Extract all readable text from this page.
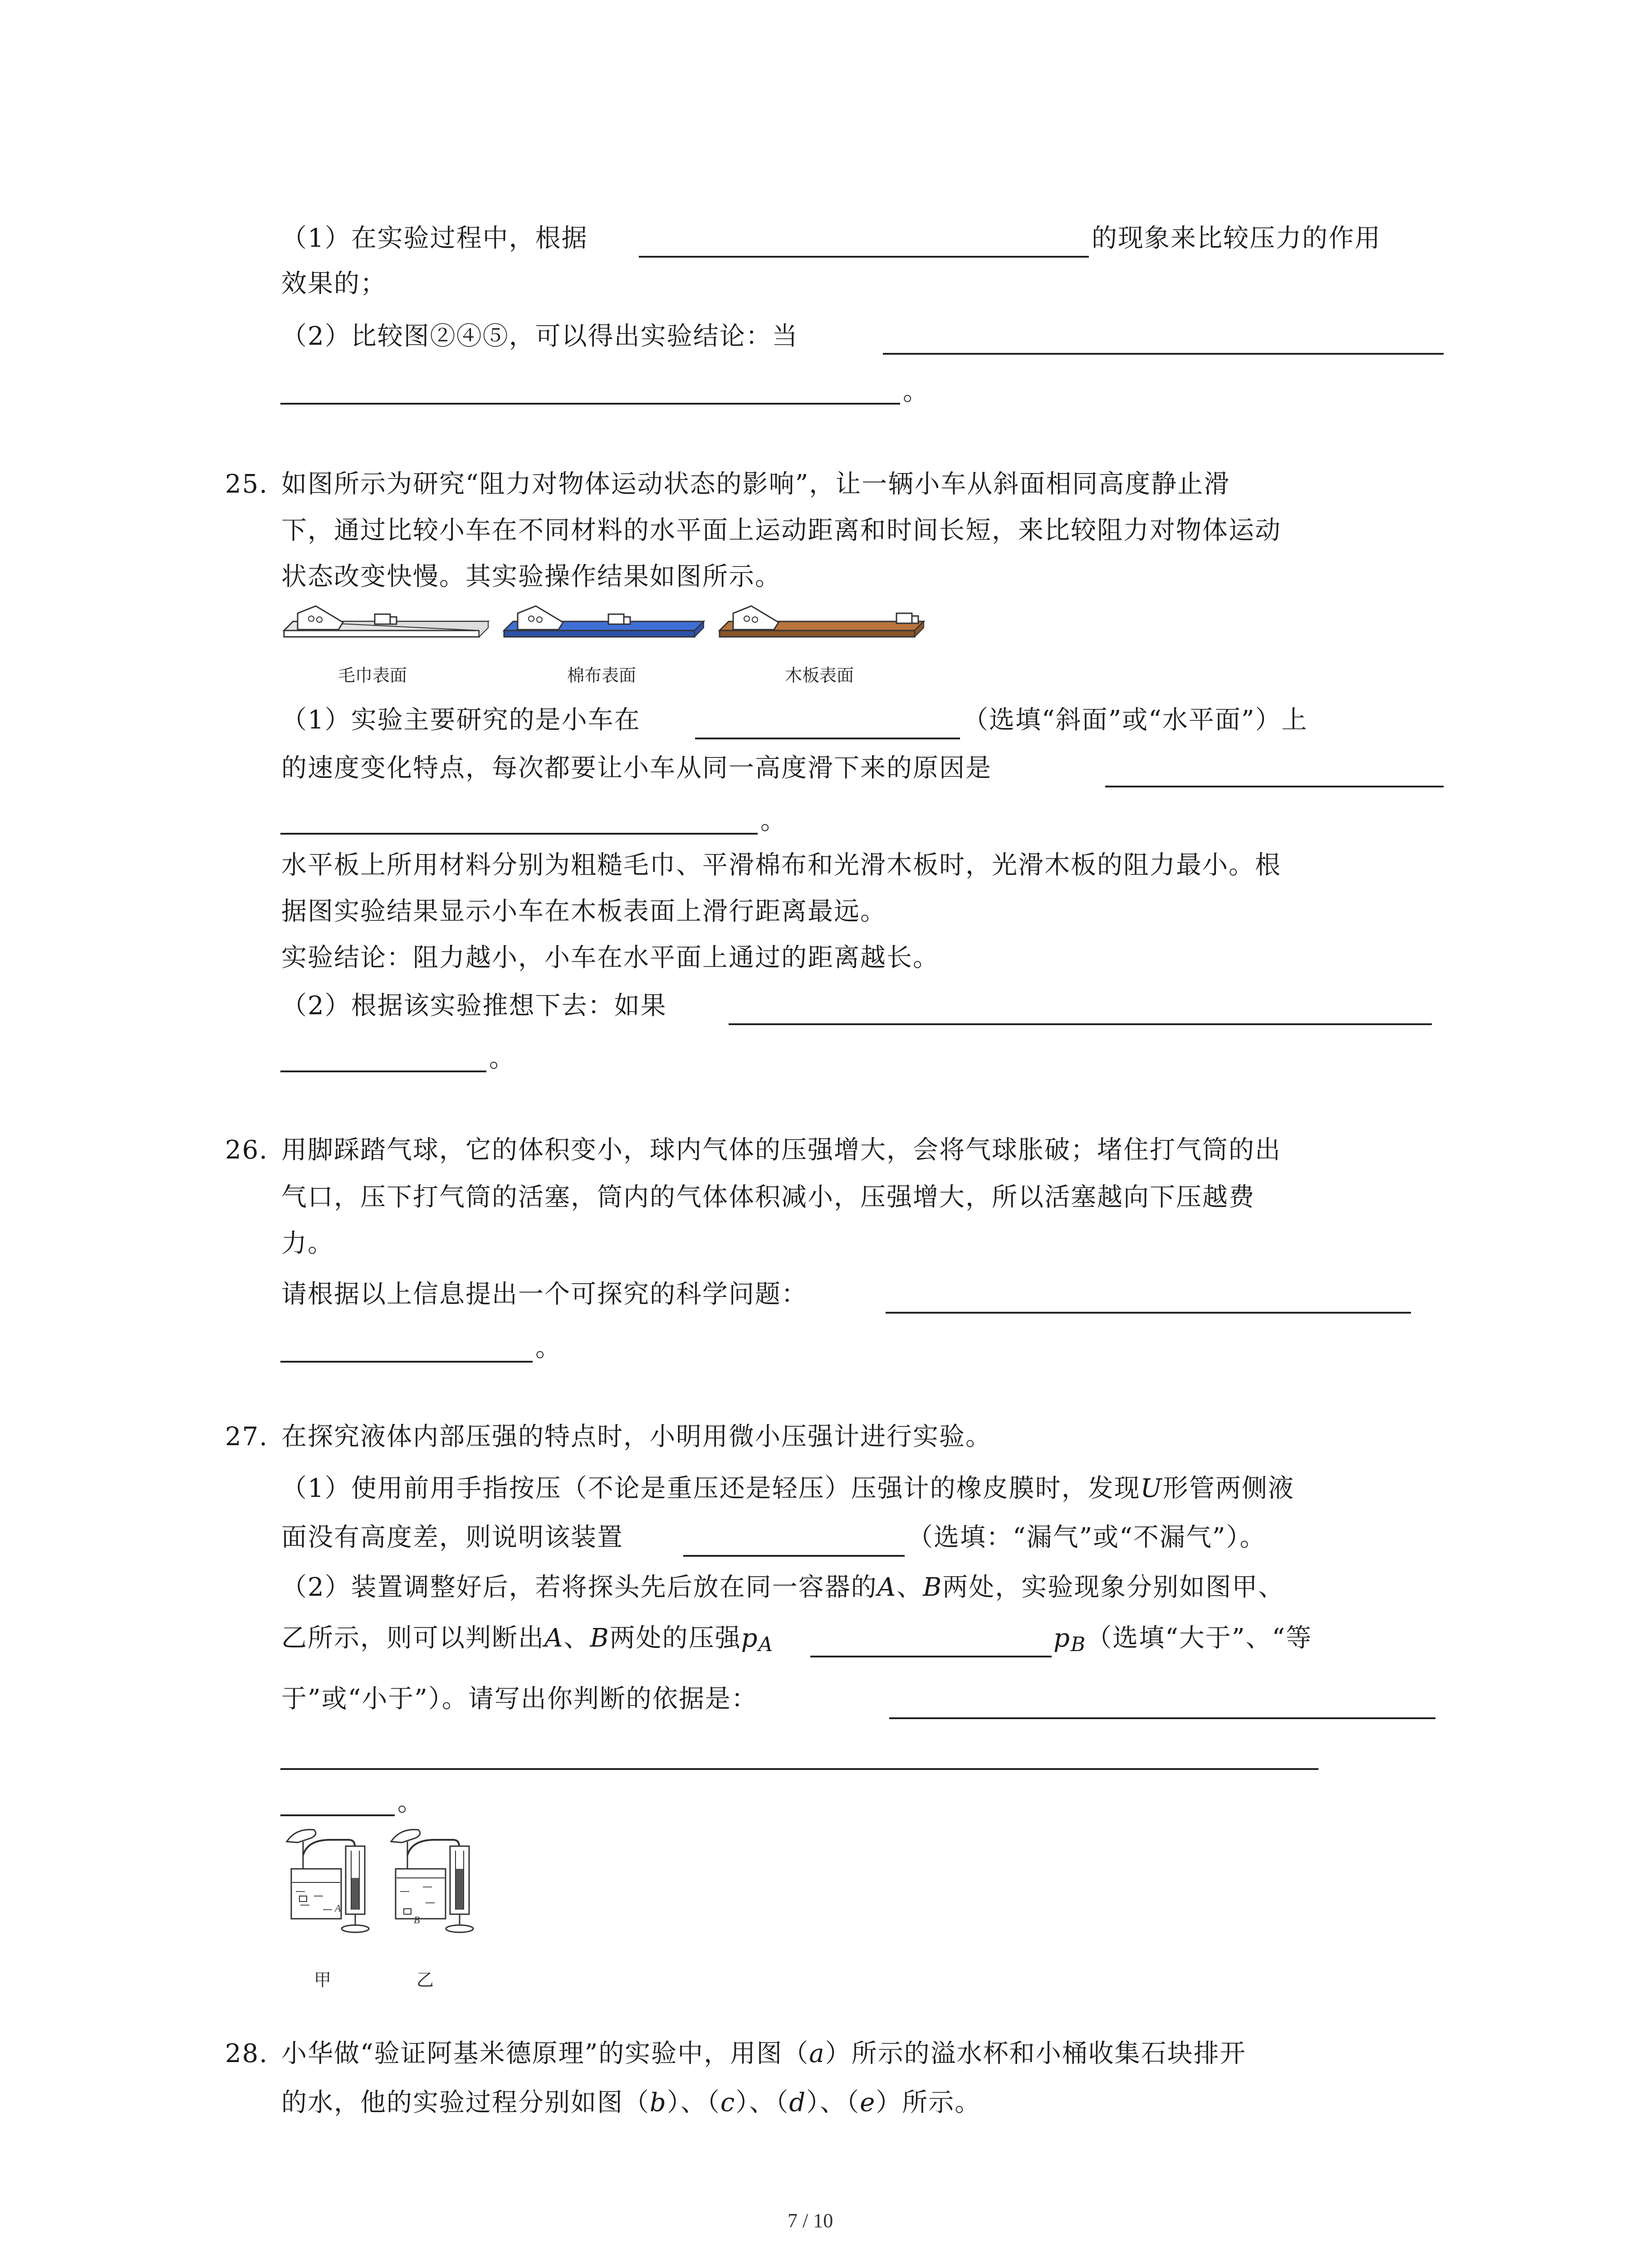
（1）在实验过程中，根据	的现象来比较压力的作用
效果的；
（2）比较图②④⑤，可以得出实验结论：当
。
25. 如图所示为研究“阻力对物体运动状态的影响”，让一辆小车从斜面相同高度静止滑
下，通过比较小车在不同材料的水平面上运动距离和时间长短，来比较阻力对物体运动
状态改变快慢。其实验操作结果如图所示。
毛巾表面	棉布表面	木板表面
（1）实验主要研究的是小车在	（选填“斜面”或“水平面”）上
的速度变化特点，每次都要让小车从同一高度滑下来的原因是
。
水平板上所用材料分别为粗糙毛巾、平滑棉布和光滑木板时，光滑木板的阻力最小。根
据图实验结果显示小车在木板表面上滑行距离最远。
实验结论：阻力越小，小车在水平面上通过的距离越长。
（2）根据该实验推想下去：如果
。
26. 用脚踩踏气球，它的体积变小，球内气体的压强增大，会将气球胀破；堵住打气筒的出
气口，压下打气筒的活塞，筒内的气体体积减小，压强增大，所以活塞越向下压越费
力。
请根据以上信息提出一个可探究的科学问题：
。
27. 在探究液体内部压强的特点时，小明用微小压强计进行实验。
（1）使用前用手指按压（不论是重压还是轻压）压强计的橡皮膜时，发现U形管两侧液
面没有高度差，则说明该装置	（选填：“漏气”或“不漏气”）。
（2）装置调整好后，若将探头先后放在同一容器的A、B两处，实验现象分别如图甲、
乙所示，则可以判断出A、B两处的压强pA	pB（选填“大于”、“等
于”或“小于”）。请写出你判断的依据是：
。
A
B
甲	乙
28. 小华做“验证阿基米德原理”的实验中，用图（a）所示的溢水杯和小桶收集石块排开
的水，他的实验过程分别如图（b）、（c）、（d）、（e）所示。
7 / 10
